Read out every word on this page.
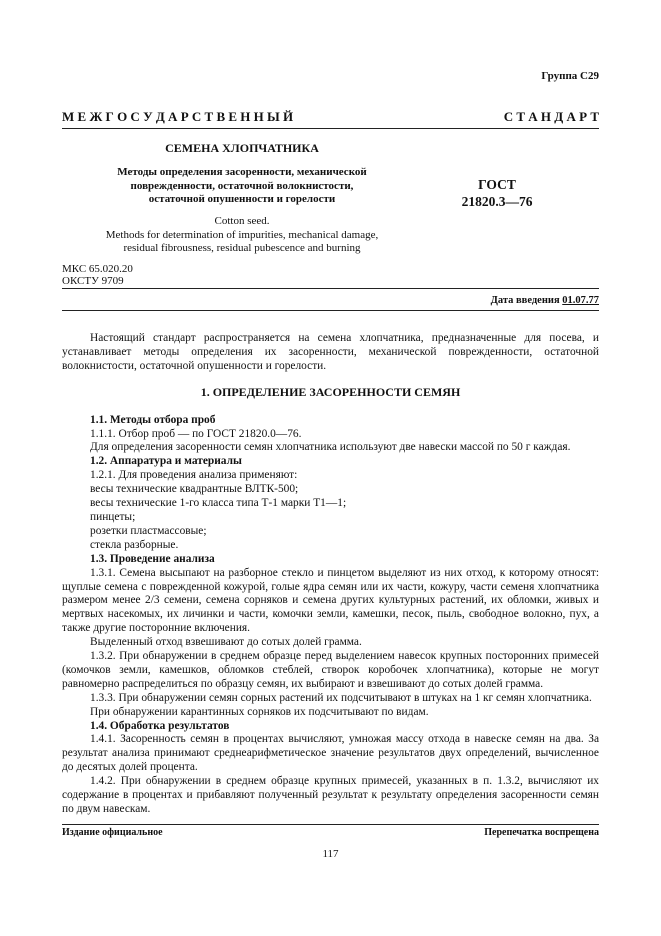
Группа С29
М Е Ж Г О С У Д А Р С Т В Е Н Н Ы Й	С Т А Н Д А Р Т
СЕМЕНА ХЛОПЧАТНИКА
Методы определения засоренности, механической
поврежденности, остаточной волокнистости,
остаточной опушенности и горелости
Cotton seed.
Methods for determination of impurities, mechanical damage,
residual fibrousness, residual pubescence and burning
ГОСТ
21820.3—76
МКС 65.020.20
ОКСТУ 9709
Дата введения 01.07.77

Настоящий стандарт распространяется на семена хлопчатника, предназначенные для посева, и устанавливает методы определения их засоренности, механической поврежденности, остаточной волокнистости, остаточной опушенности и горелости.

1. ОПРЕДЕЛЕНИЕ ЗАСОРЕННОСТИ СЕМЯН

1.1. Методы отбора проб

1.1.1. Отбор проб — по ГОСТ 21820.0—76.

Для определения засоренности семян хлопчатника используют две навески массой по 50 г каждая.

1.2. Аппаратура и материалы

1.2.1. Для проведения анализа применяют:

весы технические квадрантные ВЛТК-500;

весы технические 1-го класса типа Т-1 марки Т1—1;

пинцеты;

розетки пластмассовые;

стекла разборные.

1.3. Проведение анализа

1.3.1. Семена высыпают на разборное стекло и пинцетом выделяют из них отход, к которому относят: щуплые семена с поврежденной кожурой, голые ядра семян или их части, кожуру, части семеня хлопчатника размером менее 2/3 семени, семена сорняков и семена других культурных растений, их обломки, живых и мертвых насекомых, их личинки и части, комочки земли, камешки, песок, пыль, свободное волокно, пух, а также другие посторонние включения.

Выделенный отход взвешивают до сотых долей грамма.

1.3.2. При обнаружении в среднем образце перед выделением навесок крупных посторонних примесей (комочков земли, камешков, обломков стеблей, створок коробочек хлопчатника), которые не могут равномерно распределиться по образцу семян, их выбирают и взвешивают до сотых долей грамма.

1.3.3. При обнаружении семян сорных растений их подсчитывают в штуках на 1 кг семян хлопчатника.

При обнаружении карантинных сорняков их подсчитывают по видам.

1.4. Обработка результатов

1.4.1. Засоренность семян в процентах вычисляют, умножая массу отхода в навеске семян на два. За результат анализа принимают среднеарифметическое значение результатов двух определений, вычисленное до десятых долей процента.

1.4.2. При обнаружении в среднем образце крупных примесей, указанных в п. 1.3.2, вычисляют их содержание в процентах и прибавляют полученный результат к результату определения засоренности семян по двум навескам.

Издание официальное	Перепечатка воспрещена
117
